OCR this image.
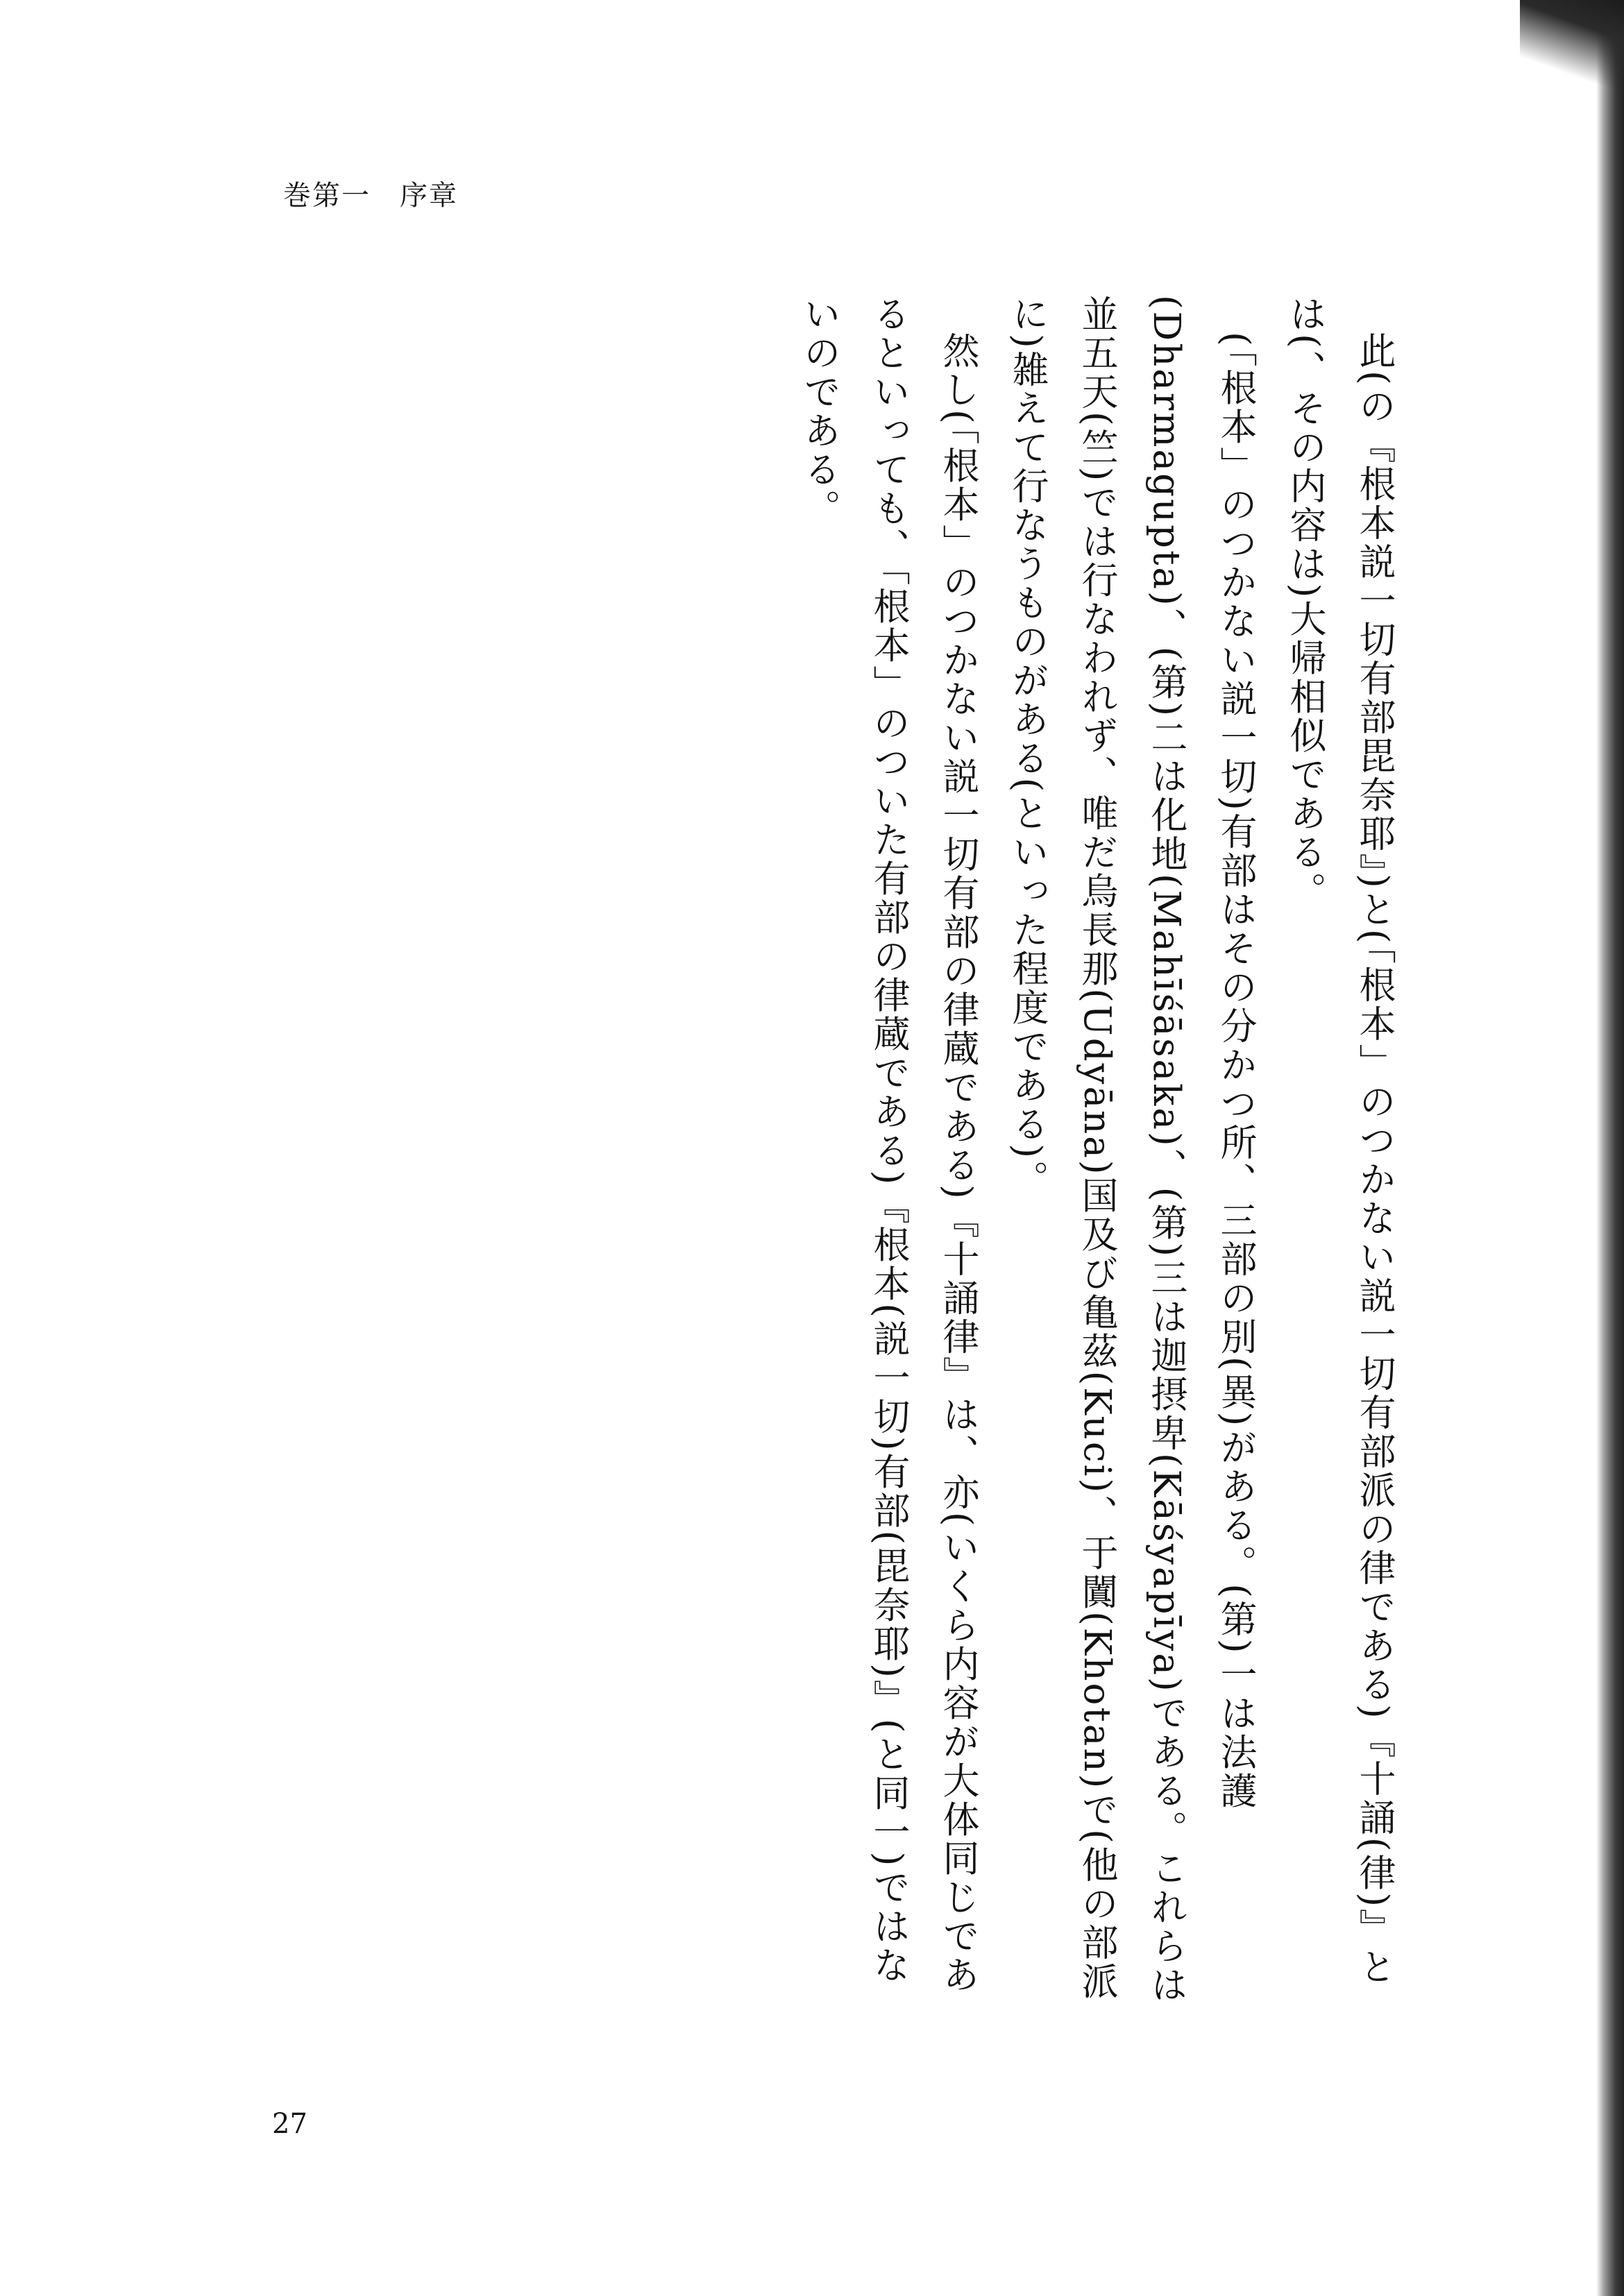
巻第一　序章

此(の『根本説一切有部毘奈耶』)と(「根本」のつかない説一切有部派の律である)『十誦(律)』とは(、その内容は)大帰相似である。

(「根本」のつかない説一切)有部はその分かつ所、三部の別(異)がある。(第)一は法護(Dharmagupta)、(第)二は化地(Mahīśāsaka)、(第)三は迦摂卑(Kāśyapīya)である。これらは並五天(竺)では行なわれず、唯だ烏長那(Udyāna)国及び亀茲(Kuci)、于闐(Khotan)で(他の部派に)雑えて行なうものがある(といった程度である)。

然し(「根本」のつかない説一切有部の律蔵である)『十誦律』は、亦(いくら内容が大体同じであるといっても、「根本」のついた有部の律蔵である)『根本(説一切)有部(毘奈耶)』(と同一)ではないのである。

27
